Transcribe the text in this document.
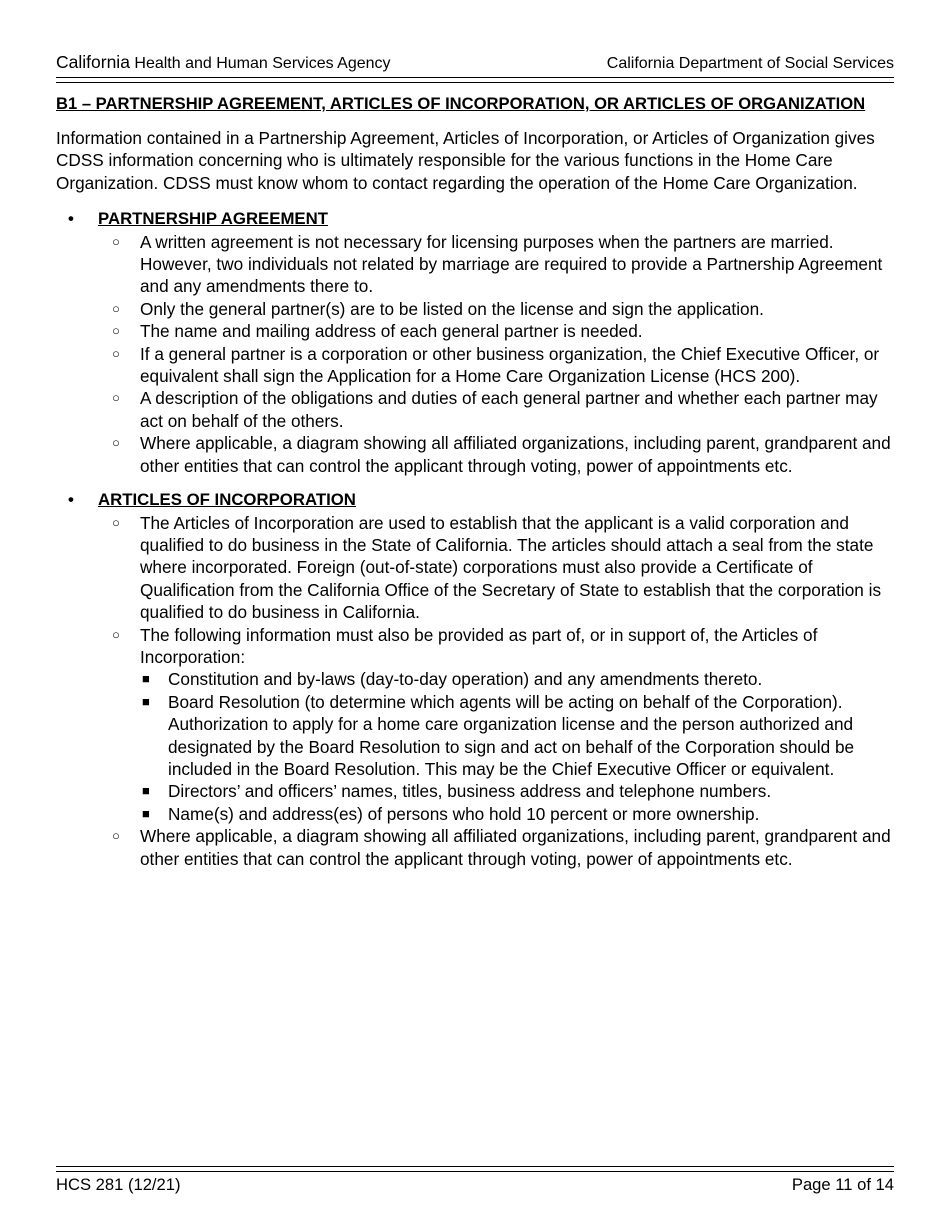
California Health and Human Services Agency	California Department of Social Services

B1 – PARTNERSHIP AGREEMENT, ARTICLES OF INCORPORATION, OR ARTICLES OF ORGANIZATION

Information contained in a Partnership Agreement, Articles of Incorporation, or Articles of Organization gives CDSS information concerning who is ultimately responsible for the various functions in the Home Care Organization. CDSS must know whom to contact regarding the operation of the Home Care Organization.

• PARTNERSHIP AGREEMENT

○ A written agreement is not necessary for licensing purposes when the partners are married. However, two individuals not related by marriage are required to provide a Partnership Agreement and any amendments there to.
○ Only the general partner(s) are to be listed on the license and sign the application.
○ The name and mailing address of each general partner is needed.
○ If a general partner is a corporation or other business organization, the Chief Executive Officer, or equivalent shall sign the Application for a Home Care Organization License (HCS 200).
○ A description of the obligations and duties of each general partner and whether each partner may act on behalf of the others.
○ Where applicable, a diagram showing all affiliated organizations, including parent, grandparent and other entities that can control the applicant through voting, power of appointments etc.

• ARTICLES OF INCORPORATION

○ The Articles of Incorporation are used to establish that the applicant is a valid corporation and qualified to do business in the State of California. The articles should attach a seal from the state where incorporated. Foreign (out-of-state) corporations must also provide a Certificate of Qualification from the California Office of the Secretary of State to establish that the corporation is qualified to do business in California.
○ The following information must also be provided as part of, or in support of, the Articles of Incorporation:
■ Constitution and by-laws (day-to-day operation) and any amendments thereto.
■ Board Resolution (to determine which agents will be acting on behalf of the Corporation). Authorization to apply for a home care organization license and the person authorized and designated by the Board Resolution to sign and act on behalf of the Corporation should be included in the Board Resolution. This may be the Chief Executive Officer or equivalent.
■ Directors’ and officers’ names, titles, business address and telephone numbers.
■ Name(s) and address(es) of persons who hold 10 percent or more ownership.
○ Where applicable, a diagram showing all affiliated organizations, including parent, grandparent and other entities that can control the applicant through voting, power of appointments etc.
HCS 281 (12/21)	Page 11 of 14
